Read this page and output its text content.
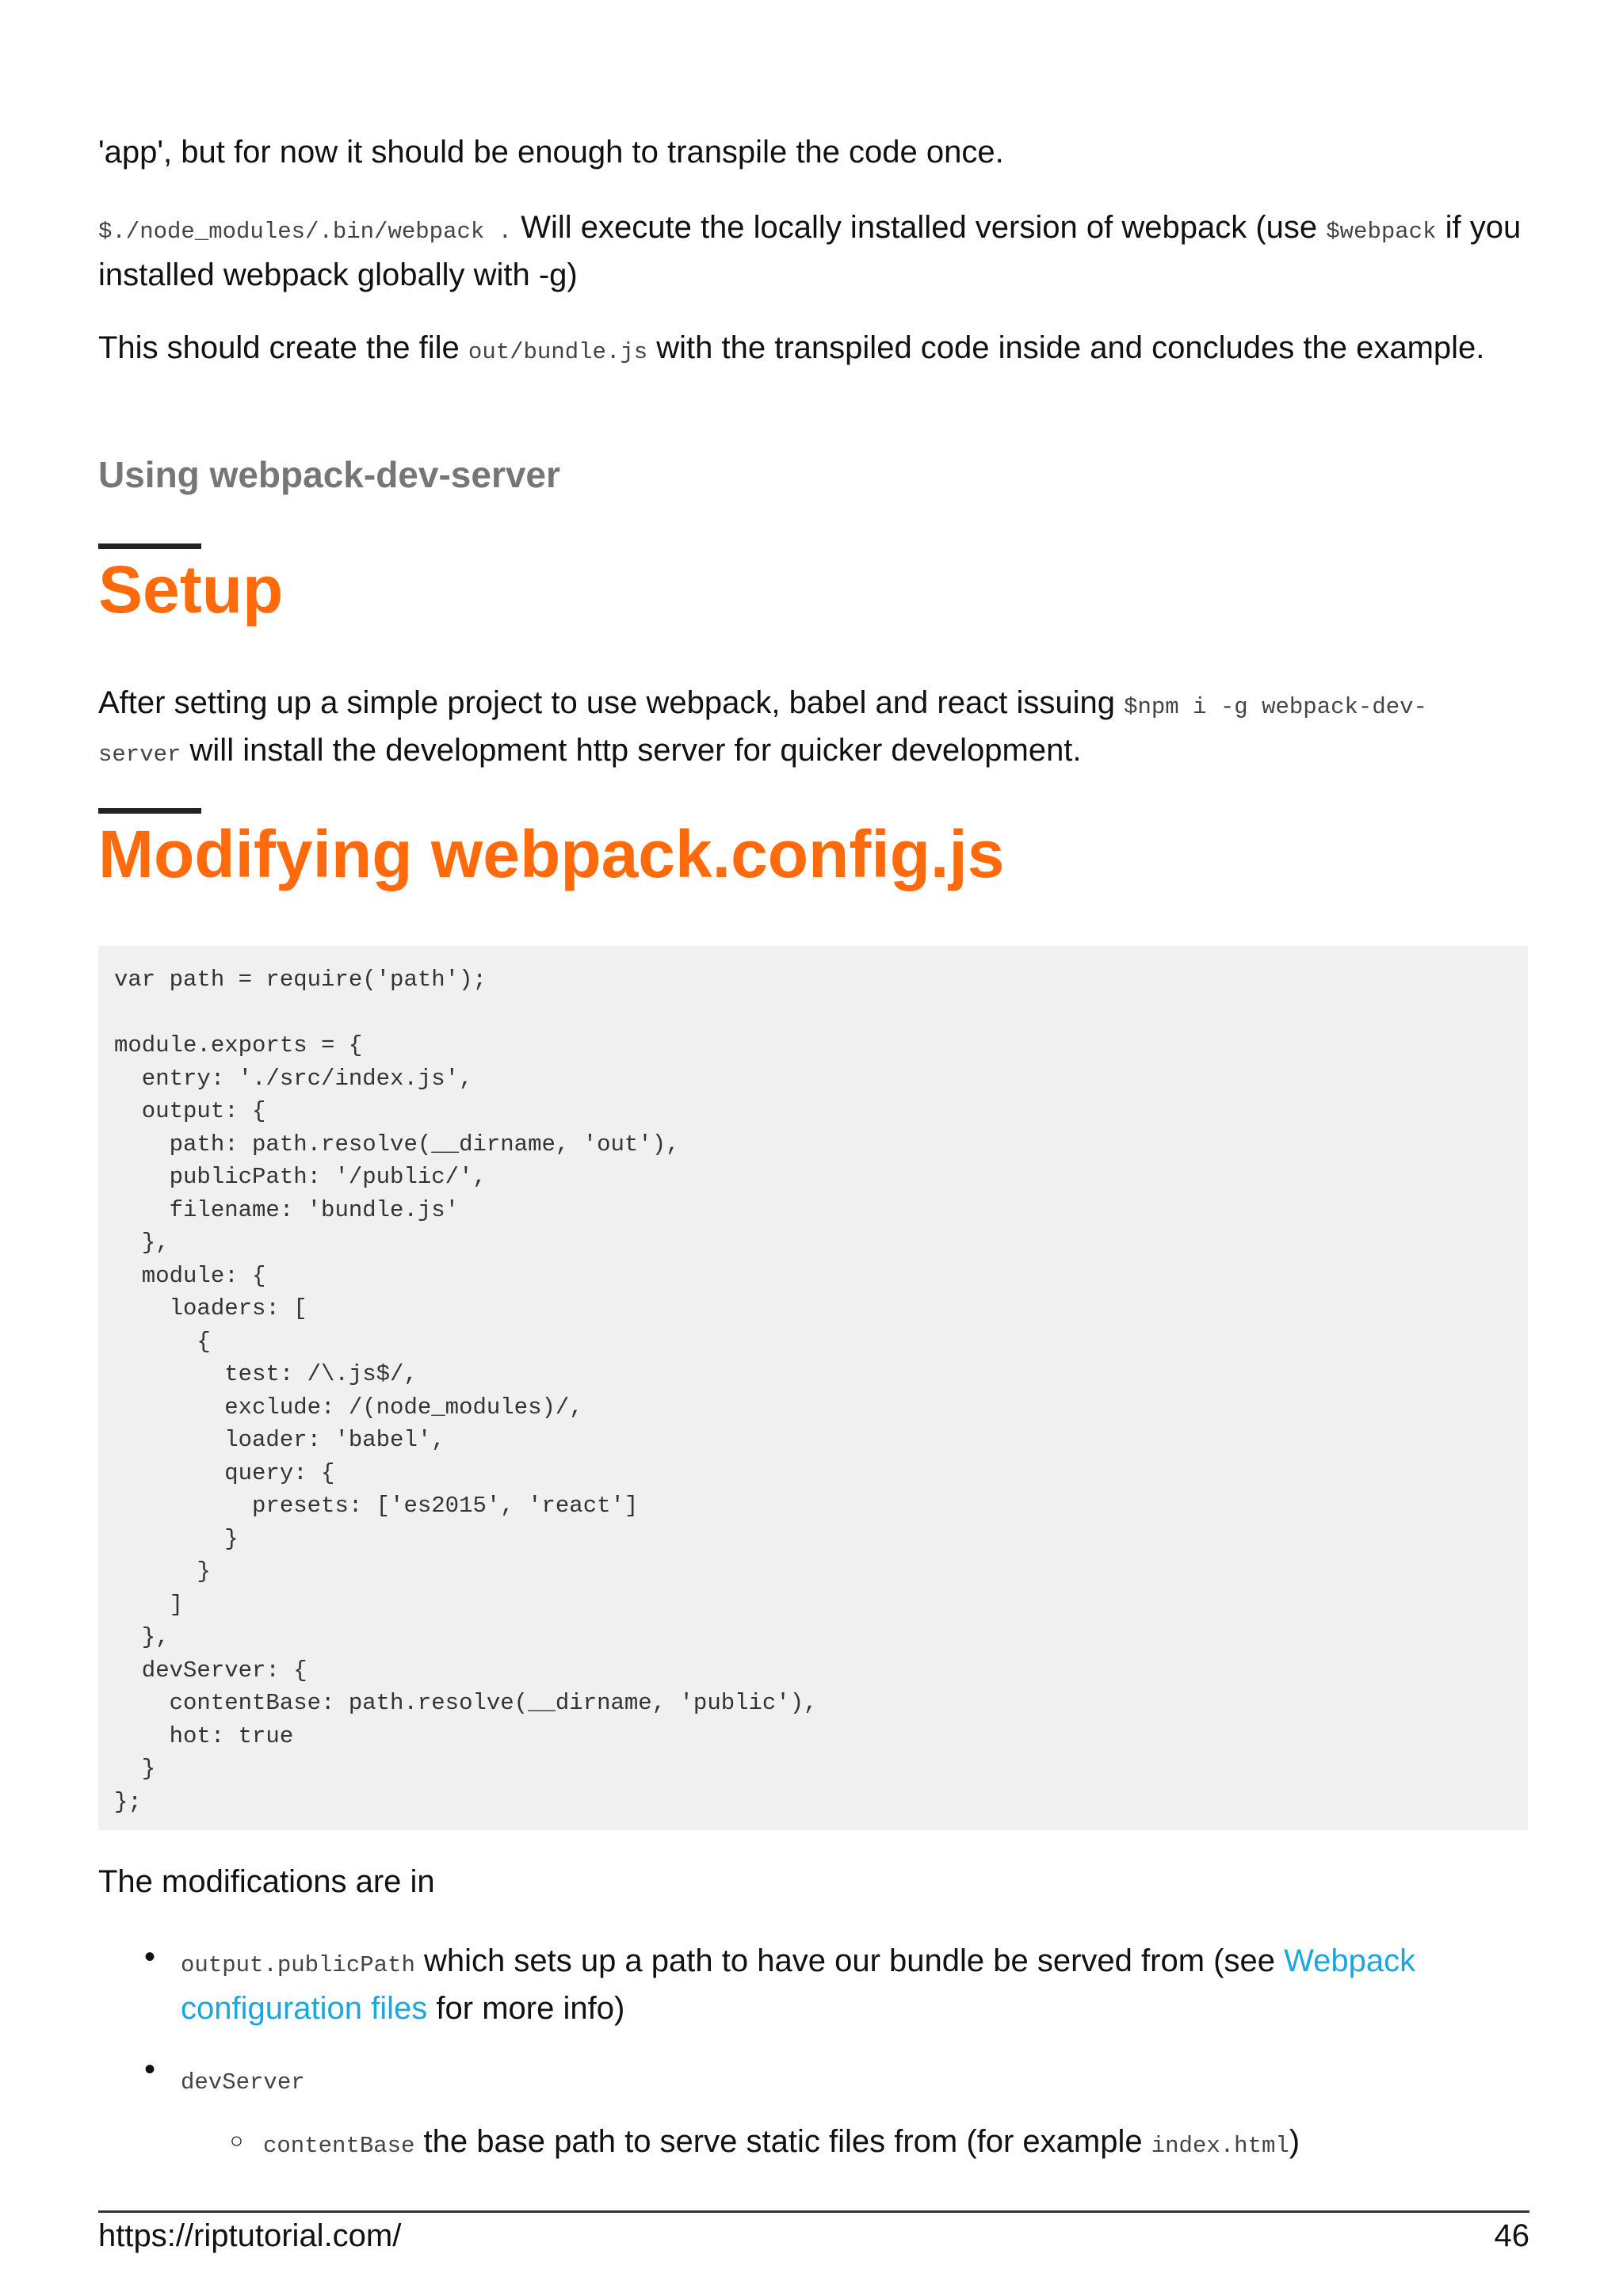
'app', but for now it should be enough to transpile the code once.

$./node_modules/.bin/webpack . Will execute the locally installed version of webpack (use $webpack if you installed webpack globally with -g)

This should create the file out/bundle.js with the transpiled code inside and concludes the example.

Using webpack-dev-server
Setup

After setting up a simple project to use webpack, babel and react issuing $npm i -g webpack-dev-server will install the development http server for quicker development.

Modifying webpack.config.js
var path = require('path');

module.exports = {
entry: './src/index.js',
output: {
path: path.resolve(__dirname, 'out'),
publicPath: '/public/',
filename: 'bundle.js'
},
module: {
loaders: [
{
test: /\.js$/,
exclude: /(node_modules)/,
loader: 'babel',
query: {
presets: ['es2015', 'react']
}
}
]
},
devServer: {
contentBase: path.resolve(__dirname, 'public'),
hot: true
}
};

The modifications are in

• output.publicPath which sets up a path to have our bundle be served from (see Webpack configuration files for more info)

• devServer

○ contentBase the base path to serve static files from (for example index.html)

https://riptutorial.com/	46
